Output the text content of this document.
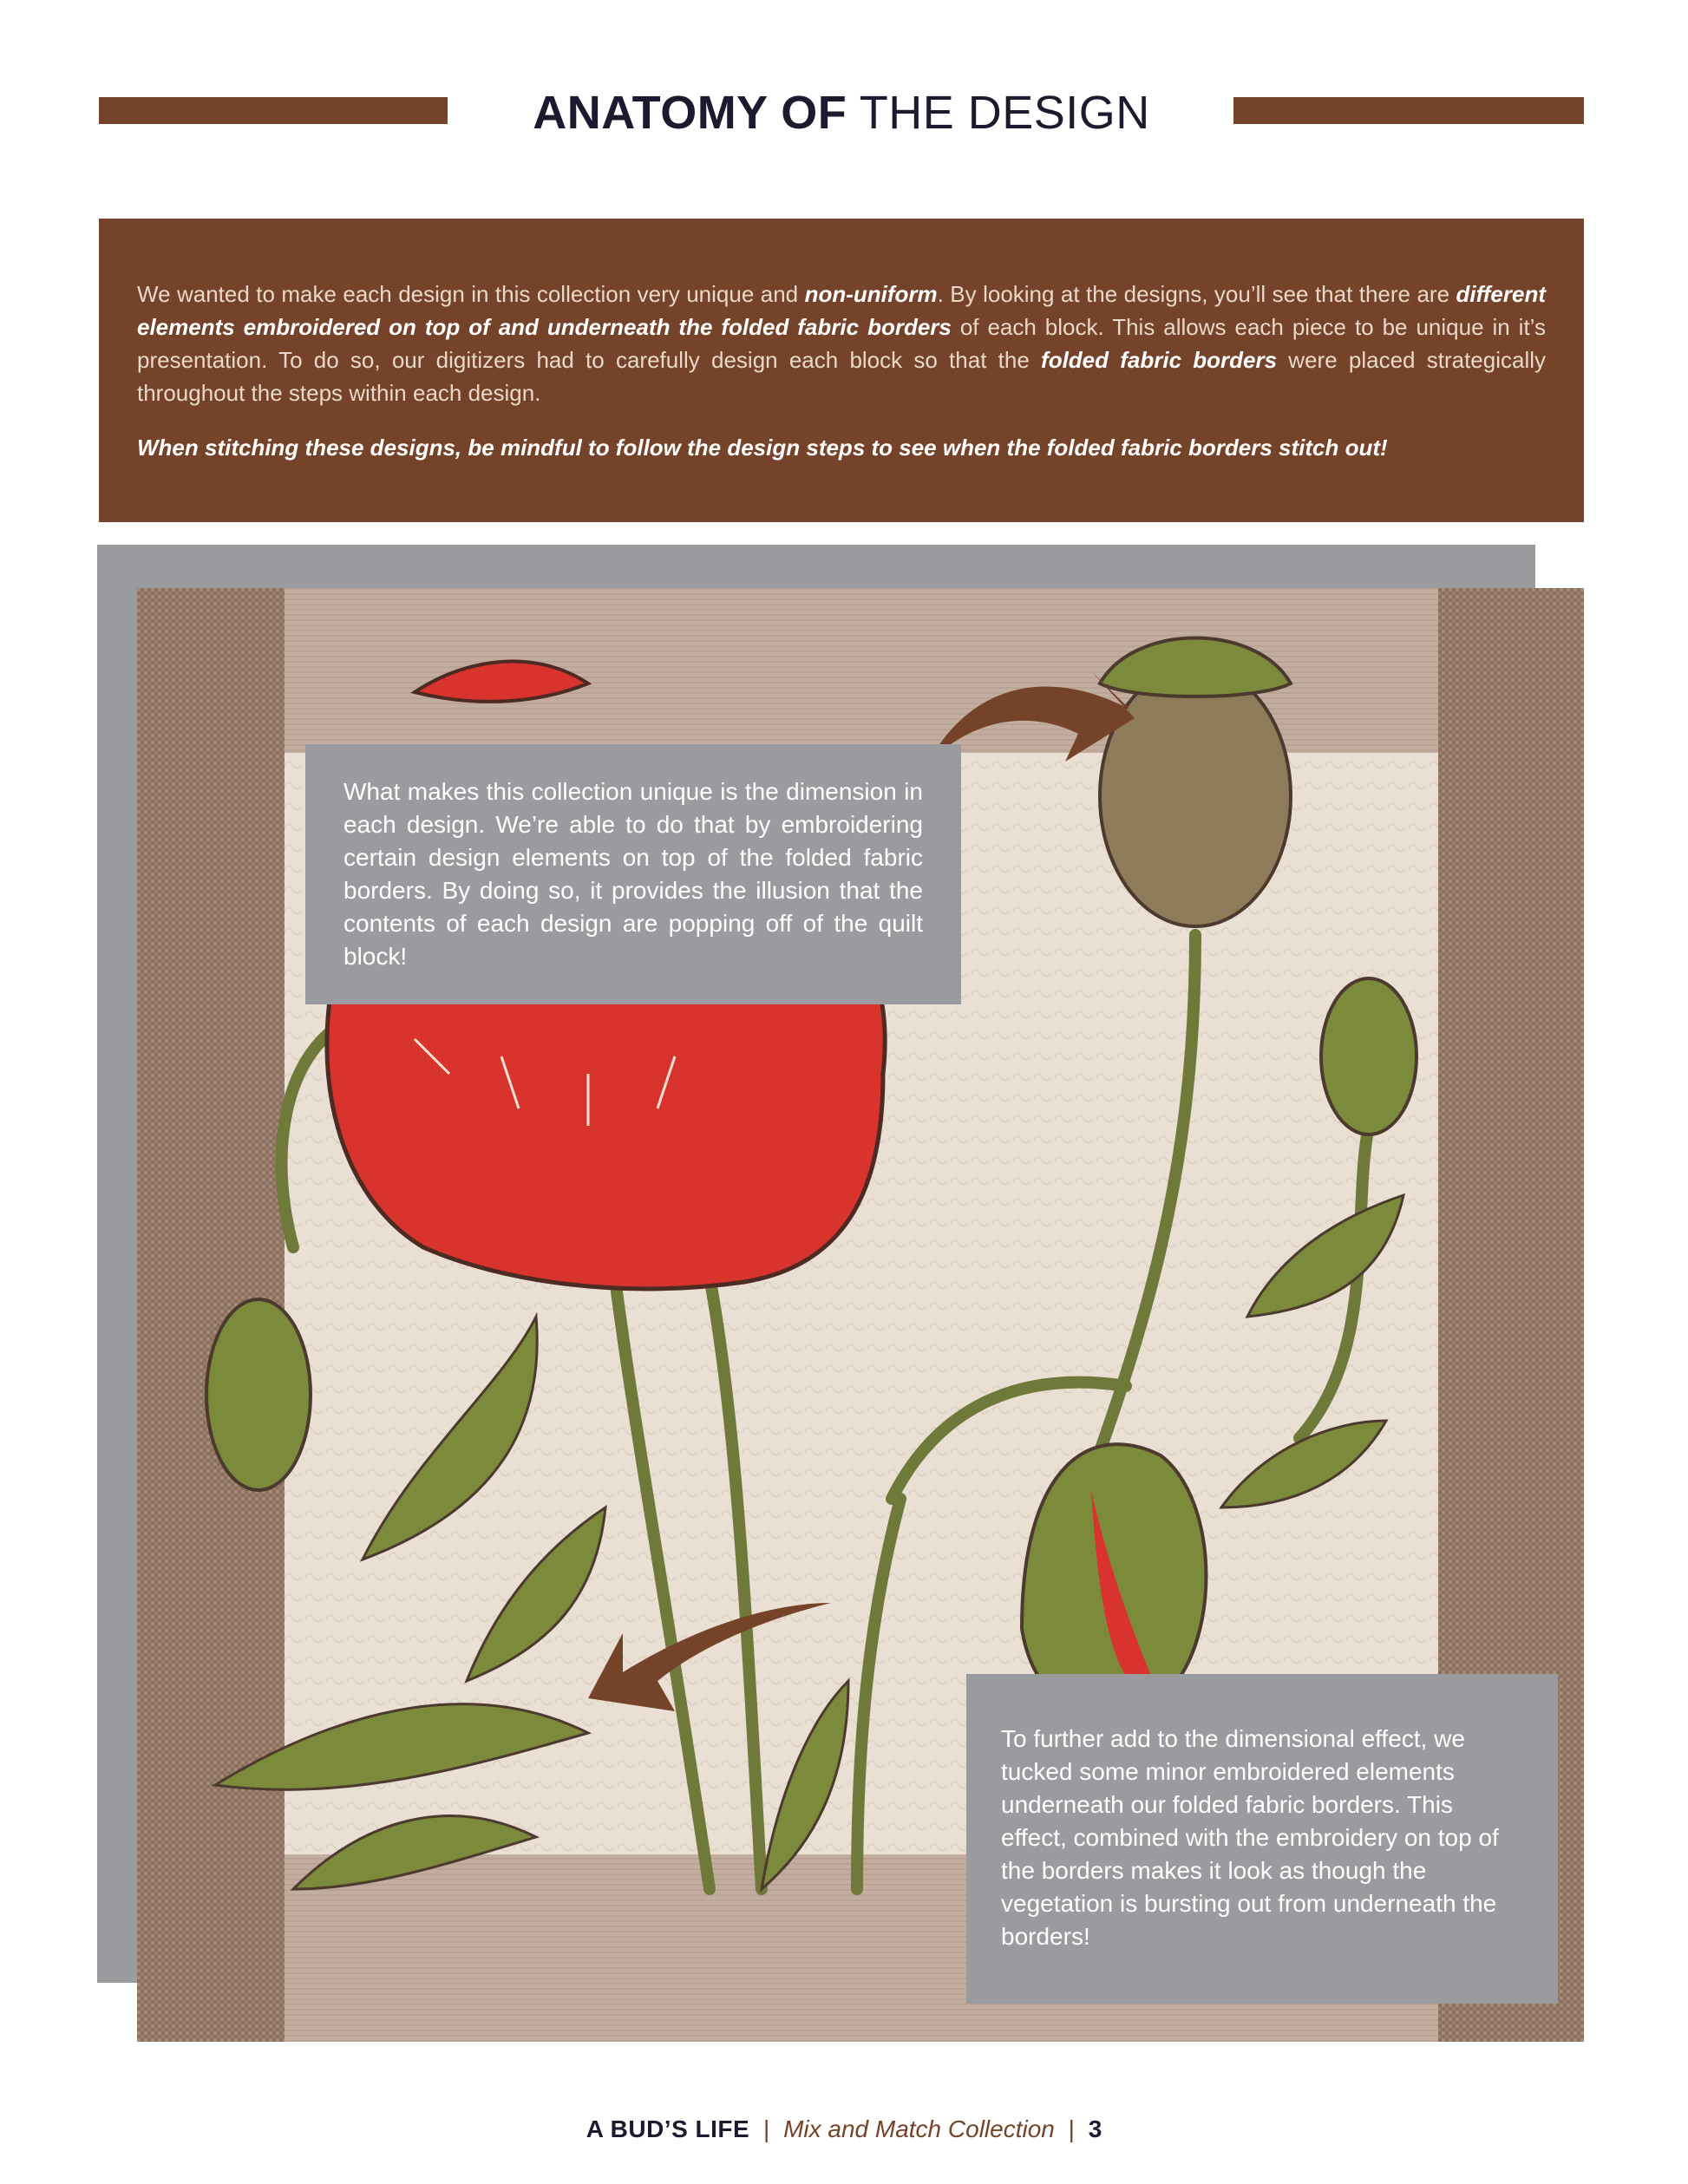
ANATOMY OF THE DESIGN

We wanted to make each design in this collection very unique and non-uniform. By looking at the designs, you’ll see that there are different elements embroidered on top of and underneath the folded fabric borders of each block. This allows each piece to be unique in it’s presentation. To do so, our digitizers had to carefully design each block so that the folded fabric borders were placed strategically throughout the steps within each design.

When stitching these designs, be mindful to follow the design steps to see when the folded fabric borders stitch out!
What makes this collection unique is the dimension in each design. We’re able to do that by embroidering certain design elements on top of the folded fabric borders. By doing so, it provides the illusion that the contents of each design are popping off of the quilt block!
To further add to the dimensional effect, we tucked some minor embroidered elements underneath our folded fabric borders. This effect, combined with the embroidery on top of the borders makes it look as though the vegetation is bursting out from underneath the borders!
A BUD’S LIFE | Mix and Match Collection | 3
